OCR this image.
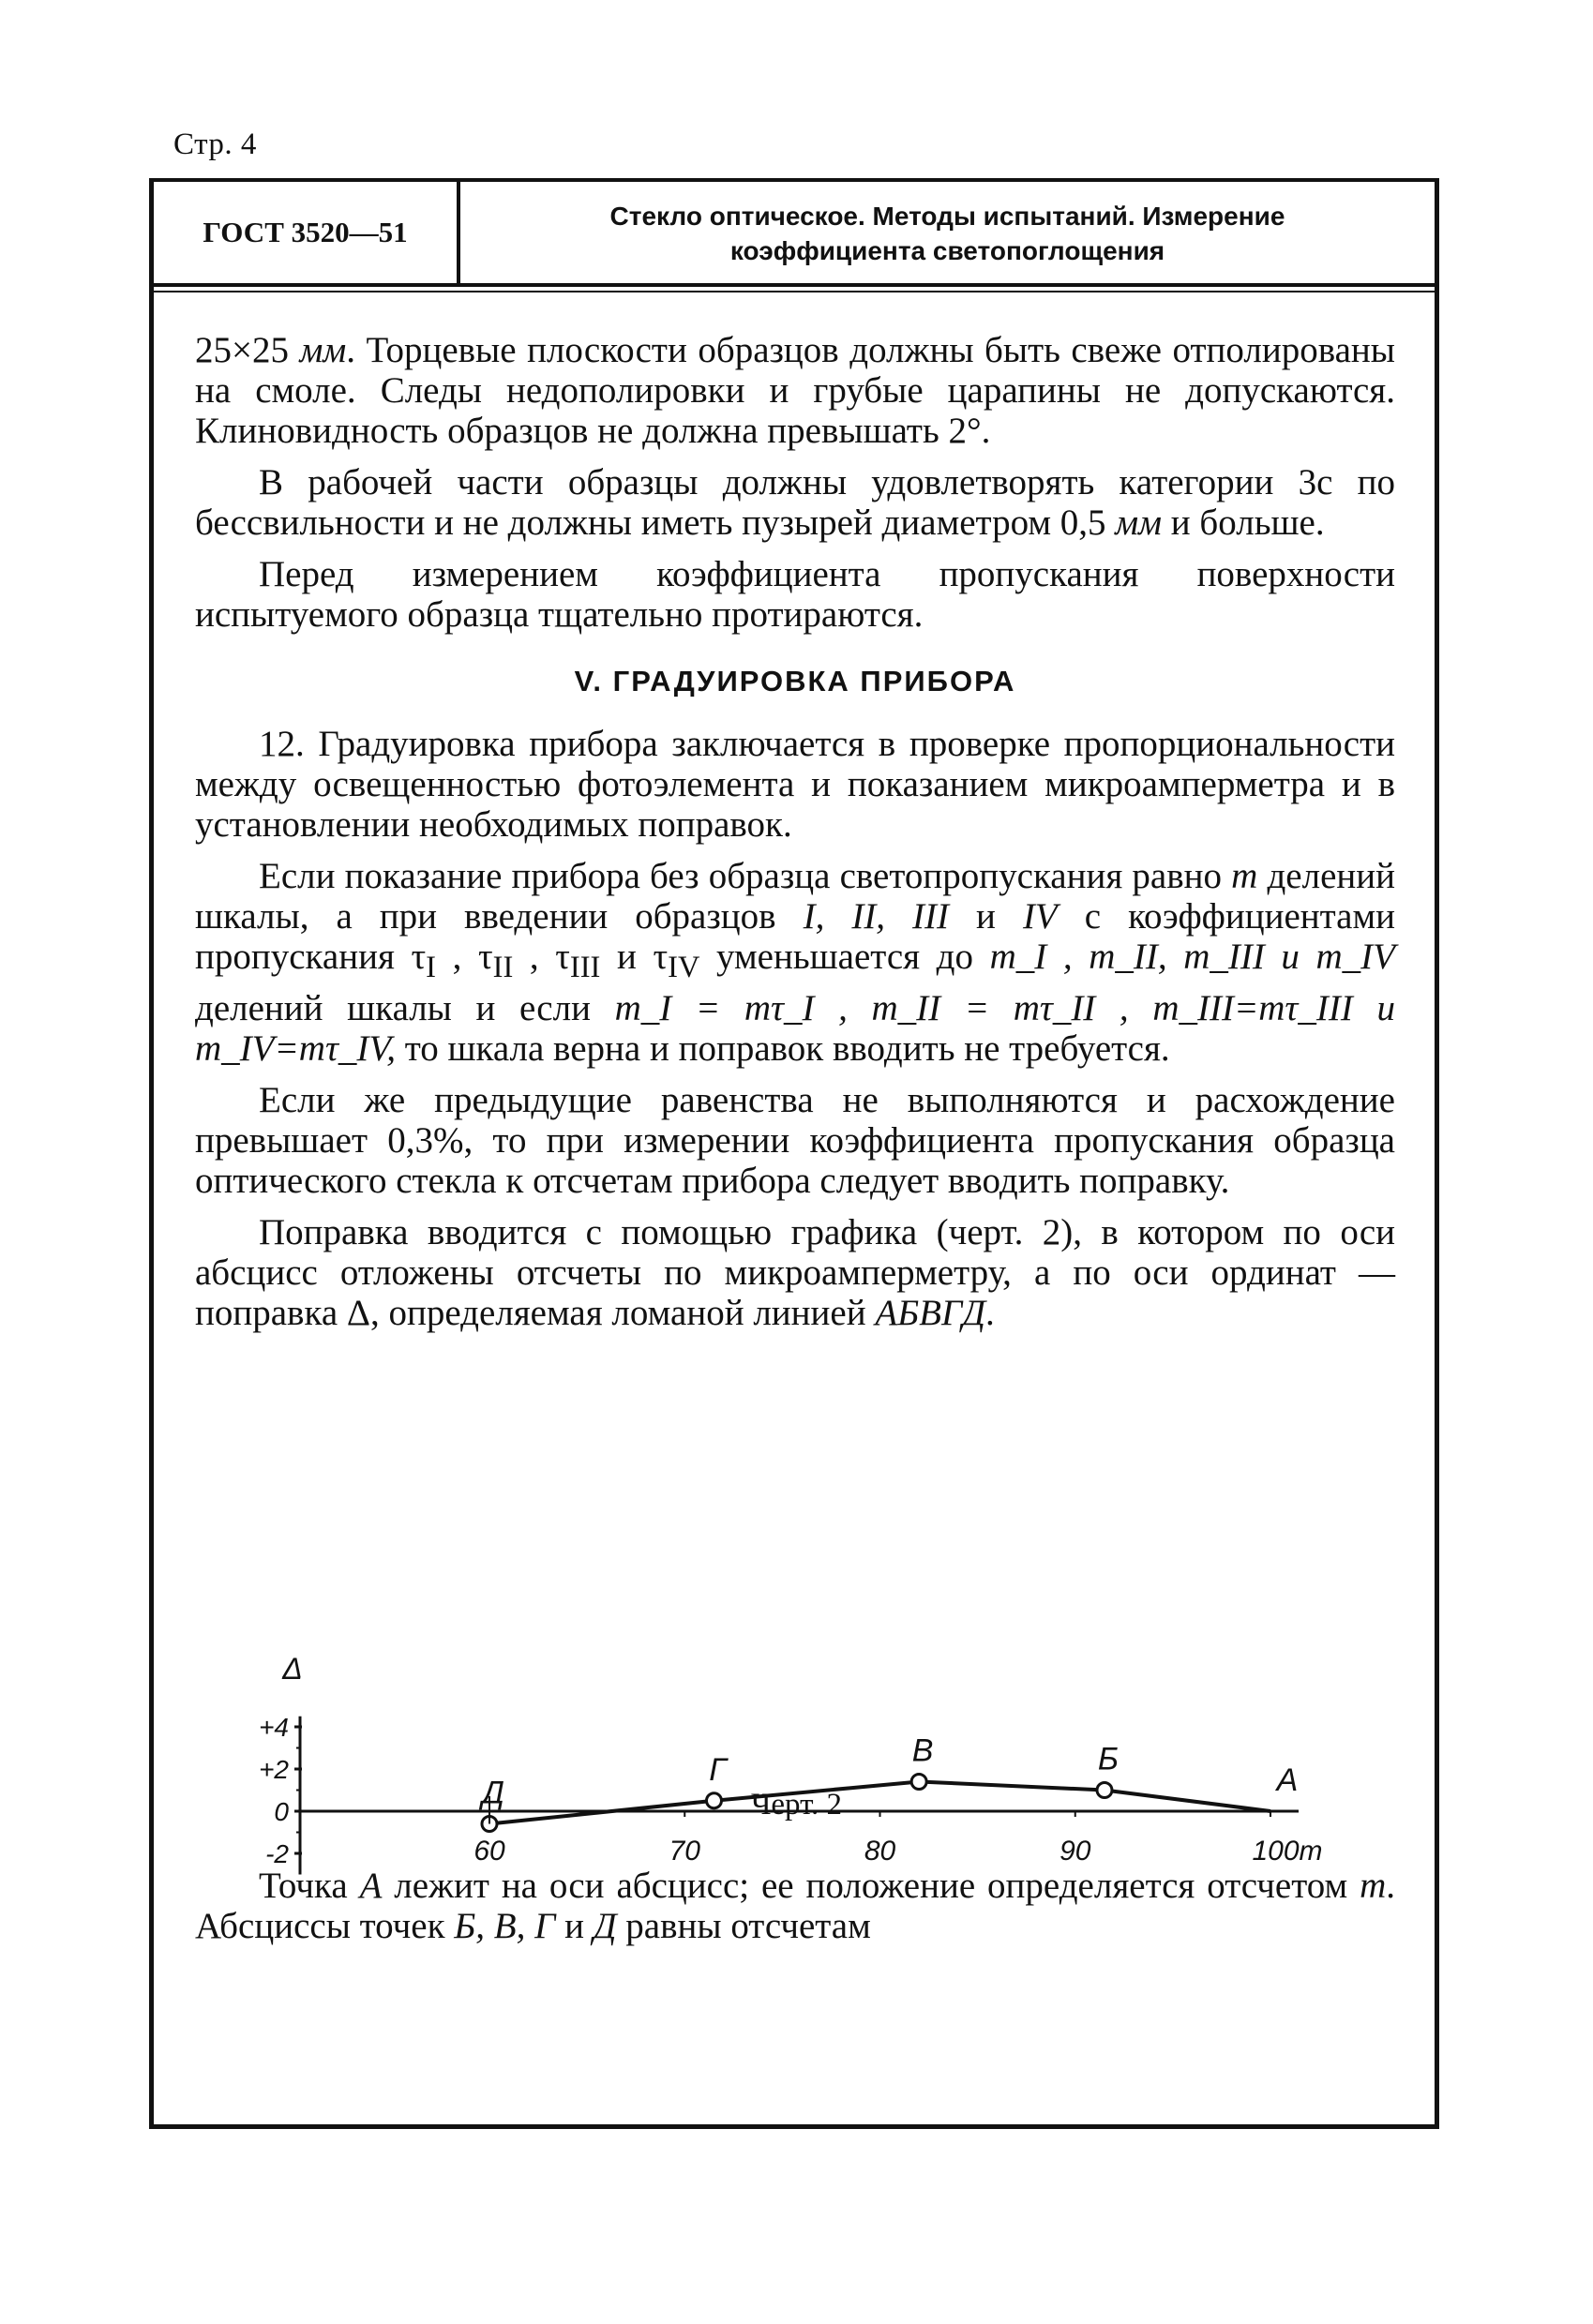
Стр. 4
ГОСТ 3520—51	Стекло оптическое. Методы испытаний. Измерение
коэффициента светопоглощения

25×25 мм. Торцевые плоскости образцов должны быть свеже отполированы на смоле. Следы недополировки и грубые царапины не допускаются. Клиновидность образцов не должна превышать 2°.

В рабочей части образцы должны удовлетворять категории 3с по бессвильности и не должны иметь пузырей диаметром 0,5 мм и больше.

Перед измерением коэффициента пропускания поверхности испытуемого образца тщательно протираются.

V. ГРАДУИРОВКА ПРИБОРА

12. Градуировка прибора заключается в проверке пропорциональности между освещенностью фотоэлемента и показанием микроамперметра и в установлении необходимых поправок.

Если показание прибора без образца светопропускания равно m делений шкалы, а при введении образцов I, II, III и IV с коэффициентами пропускания $\tau_I$ , $\tau_{II}$ , $\tau_{III}$ и $\tau_{IV}$ уменьшается до m_I , m_II, m_III и m_IV делений шкалы и если m_I = mτ_I , m_II = mτ_II , m_III=mτ_III и m_IV=mτ_IV, то шкала верна и поправок вводить не требуется.

Если же предыдущие равенства не выполняются и расхождение превышает 0,3%, то при измерении коэффициента пропускания образца оптического стекла к отсчетам прибора следует вводить поправку.

Поправка вводится с помощью графика (черт. 2), в котором по оси абсцисс отложены отсчеты по микроамперметру, а по оси ординат — поправка Δ, определяемая ломаной линией АБВГД.

Δ
+4
+2
0
-2	60	70	80	90	100m
Д
Г
В	Б
А
Черт. 2

Точка А лежит на оси абсцисс; ее положение определяется отсчетом m. Абсциссы точек Б, В, Г и Д равны отсчетам
